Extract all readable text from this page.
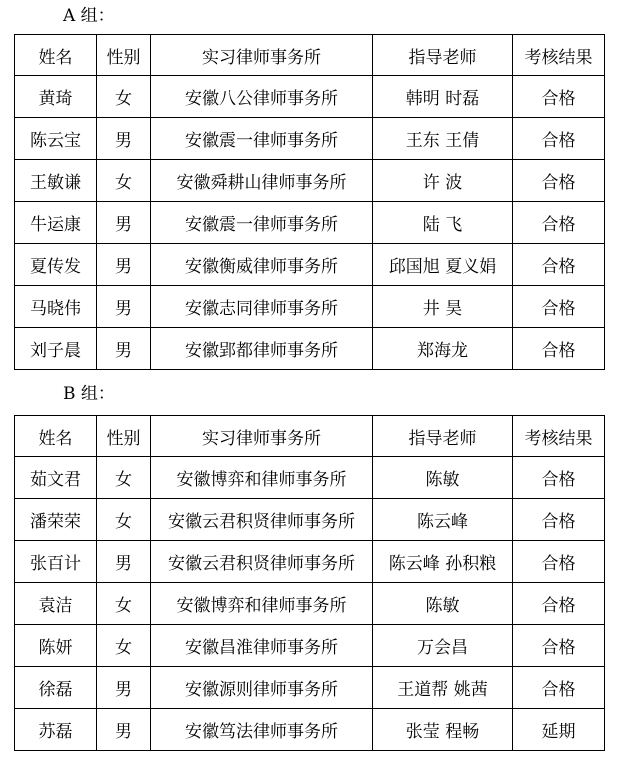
A 组：
姓名	性别	实习律师事务所	指导老师	考核结果
黄琦	女	安徽八公律师事务所	韩明 时磊	合格
陈云宝	男	安徽震一律师事务所	王东 王倩	合格
王敏谦	女	安徽舜耕山律师事务所	许 波	合格
牛运康	男	安徽震一律师事务所	陆 飞	合格
夏传发	男	安徽衡威律师事务所	邱国旭 夏义娟	合格
马晓伟	男	安徽志同律师事务所	井 昊	合格
刘子晨	男	安徽郢都律师事务所	郑海龙	合格
B 组：
姓名	性别	实习律师事务所	指导老师	考核结果
茹文君	女	安徽博弈和律师事务所	陈敏	合格
潘荣荣	女	安徽云君积贤律师事务所	陈云峰	合格
张百计	男	安徽云君积贤律师事务所	陈云峰 孙积粮	合格
袁洁	女	安徽博弈和律师事务所	陈敏	合格
陈妍	女	安徽昌淮律师事务所	万会昌	合格
徐磊	男	安徽源则律师事务所	王道帮 姚茜	合格
苏磊	男	安徽笃法律师事务所	张莹 程畅	延期
